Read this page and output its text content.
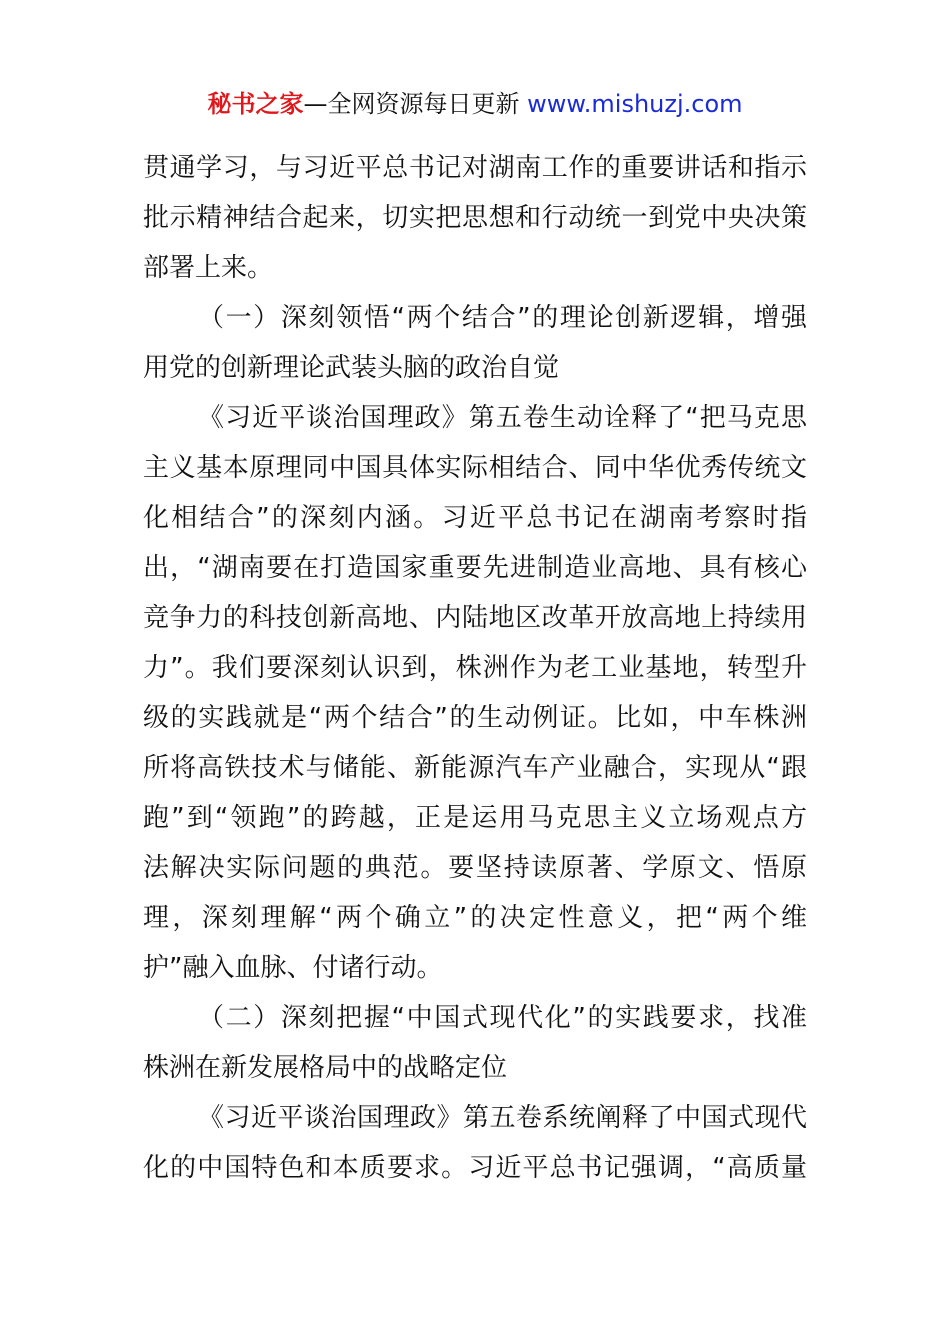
秘书之家—全网资源每日更新 www.mishuzj.com
贯通学习，与习近平总书记对湖南工作的重要讲话和指示
批示精神结合起来，切实把思想和行动统一到党中央决策
部署上来。
（一）深刻领悟“两个结合”的理论创新逻辑，增强
用党的创新理论武装头脑的政治自觉
《习近平谈治国理政》第五卷生动诠释了“把马克思
主义基本原理同中国具体实际相结合、同中华优秀传统文
化相结合”的深刻内涵。习近平总书记在湖南考察时指
出，“湖南要在打造国家重要先进制造业高地、具有核心
竞争力的科技创新高地、内陆地区改革开放高地上持续用
力”。我们要深刻认识到，株洲作为老工业基地，转型升
级的实践就是“两个结合”的生动例证。比如，中车株洲
所将高铁技术与储能、新能源汽车产业融合，实现从“跟
跑”到“领跑”的跨越，正是运用马克思主义立场观点方
法解决实际问题的典范。要坚持读原著、学原文、悟原
理，深刻理解“两个确立”的决定性意义，把“两个维
护”融入血脉、付诸行动。
（二）深刻把握“中国式现代化”的实践要求，找准
株洲在新发展格局中的战略定位
《习近平谈治国理政》第五卷系统阐释了中国式现代
化的中国特色和本质要求。习近平总书记强调，“高质量
